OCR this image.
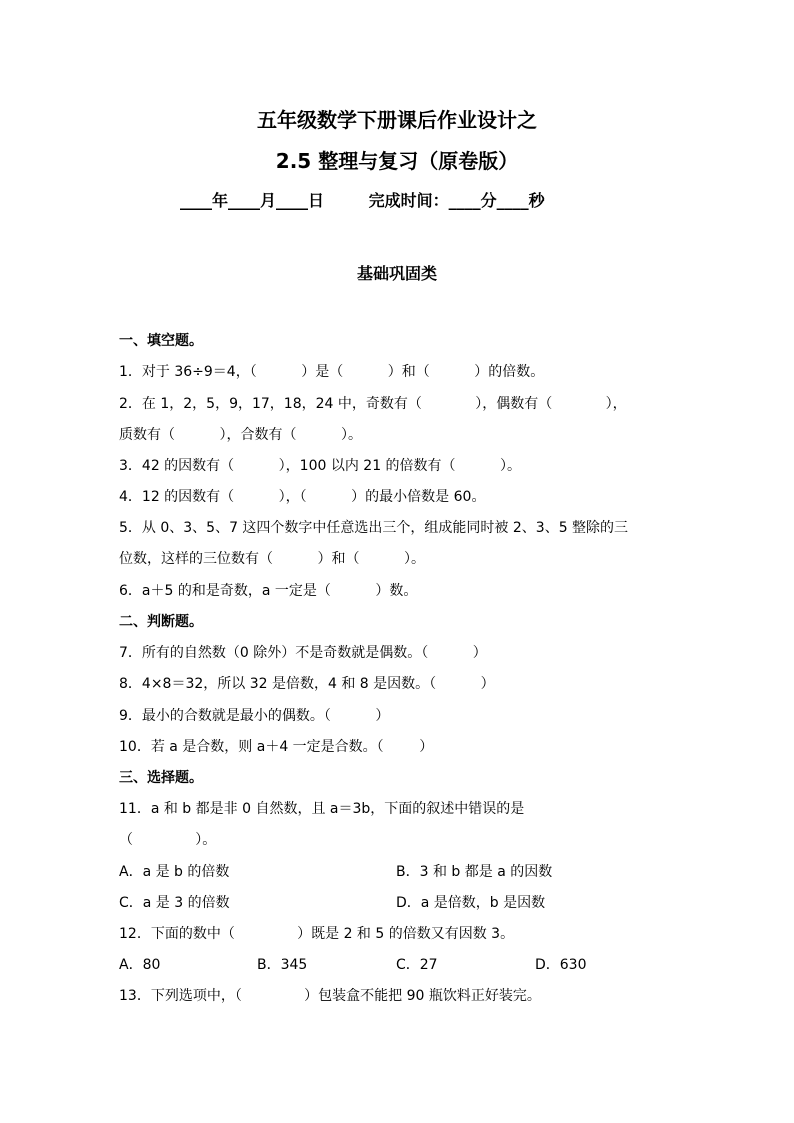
五年级数学下册课后作业设计之
2.5 整理与复习（原卷版）
____年____月____日        完成时间：____分____秒
基础巩固类
一、填空题。
1．对于 36÷9＝4，（          ）是（          ）和（          ）的倍数。
2．在 1，2，5，9，17，18，24 中，奇数有（            ），偶数有（            ），
质数有（          ），合数有（          ）。
3．42 的因数有（          ），100 以内 21 的倍数有（          ）。
4．12 的因数有（          ），（          ）的最小倍数是 60。
5．从 0、3、5、7 这四个数字中任意选出三个，组成能同时被 2、3、5 整除的三
位数，这样的三位数有（          ）和（          ）。
6．a＋5 的和是奇数，a 一定是（          ）数。
二、判断题。
7．所有的自然数（0 除外）不是奇数就是偶数。（          ）
8．4×8＝32，所以 32 是倍数，4 和 8 是因数。（          ）
9．最小的合数就是最小的偶数。（          ）
10．若 a 是合数，则 a＋4 一定是合数。（        ）
三、选择题。
11．a 和 b 都是非 0 自然数，且 a＝3b，下面的叙述中错误的是
（              ）。
A．a 是 b 的倍数	B．3 和 b 都是 a 的因数
C．a 是 3 的倍数	D．a 是倍数，b 是因数
12．下面的数中（              ）既是 2 和 5 的倍数又有因数 3。
A．80	B．345	C．27	D．630
13．下列选项中，（              ）包装盒不能把 90 瓶饮料正好装完。
